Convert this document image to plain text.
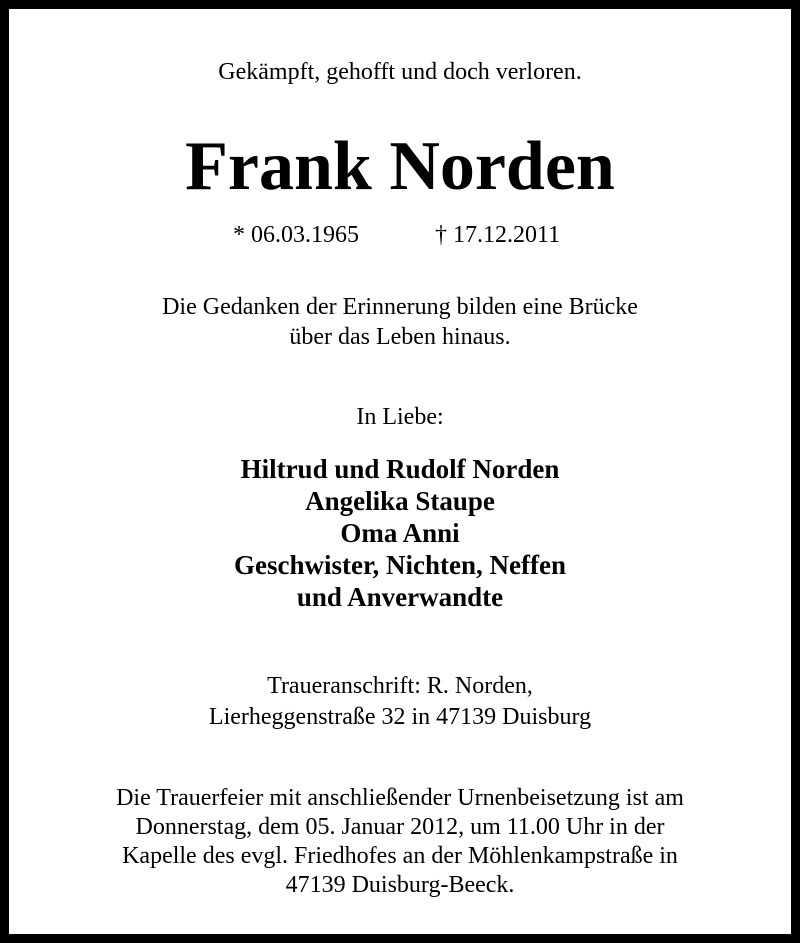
Gekämpft, gehofft und doch verloren.

Frank Norden
* 06.03.1965	† 17.12.2011

Die Gedanken der Erinnerung bilden eine Brücke
über das Leben hinaus.

In Liebe:

Hiltrud und Rudolf Norden
Angelika Staupe
Oma Anni
Geschwister, Nichten, Neffen
und Anverwandte

Traueranschrift: R. Norden,
Lierheggenstraße 32 in 47139 Duisburg

Die Trauerfeier mit anschließender Urnenbeisetzung ist am
Donnerstag, dem 05. Januar 2012, um 11.00 Uhr in der
Kapelle des evgl. Friedhofes an der Möhlenkampstraße in
47139 Duisburg-Beeck.
